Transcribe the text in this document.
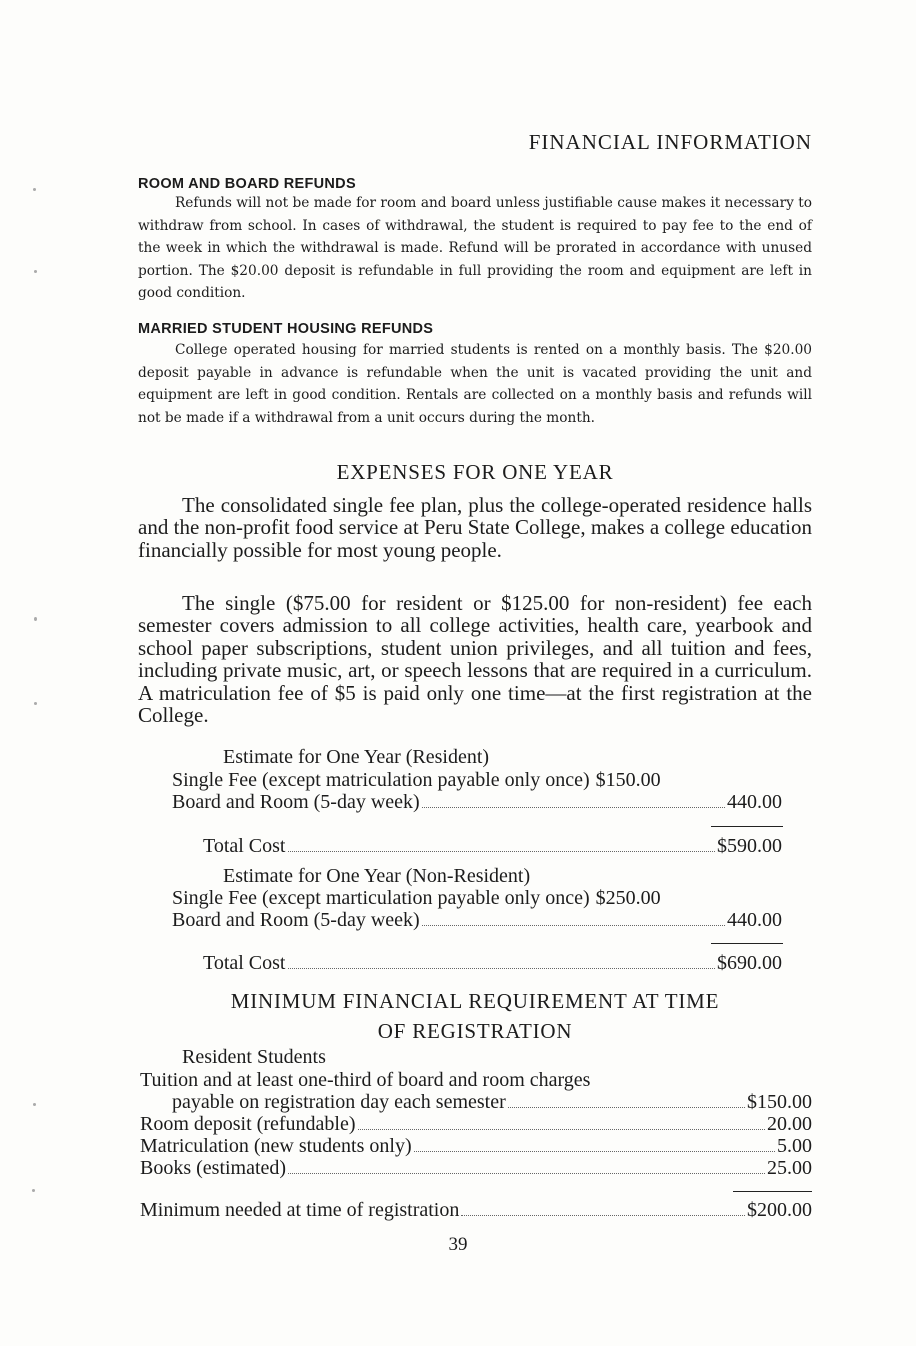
FINANCIAL INFORMATION
ROOM AND BOARD REFUNDS
Refunds will not be made for room and board unless justifiable cause makes it necessary to withdraw from school. In cases of withdrawal, the student is required to pay fee to the end of the week in which the withdrawal is made. Refund will be prorated in accordance with unused portion. The $20.00 deposit is refundable in full providing the room and equipment are left in good condition.
MARRIED STUDENT HOUSING REFUNDS
College operated housing for married students is rented on a monthly basis. The $20.00 deposit payable in advance is refundable when the unit is vacated providing the unit and equipment are left in good condition. Rentals are collected on a monthly basis and refunds will not be made if a withdrawal from a unit occurs during the month.
EXPENSES FOR ONE YEAR
The consolidated single fee plan, plus the college-operated residence halls and the non-profit food service at Peru State College, makes a college education financially possible for most young people.
The single ($75.00 for resident or $125.00 for non-resident) fee each semester covers admission to all college activities, health care, yearbook and school paper subscriptions, student union privileges, and all tuition and fees, including private music, art, or speech lessons that are required in a curriculum. A matriculation fee of $5 is paid only one time—at the first registration at the College.
Estimate for One Year (Resident)
Single Fee (except matriculation payable only once) $150.00
Board and Room (5-day week)	440.00
Total Cost	$590.00
Estimate for One Year (Non-Resident)
Single Fee (except marticulation payable only once) $250.00
Board and Room (5-day week)	440.00
Total Cost	$690.00
MINIMUM FINANCIAL REQUIREMENT AT TIME
OF REGISTRATION
Resident Students
Tuition and at least one-third of board and room charges
payable on registration day each semester	$150.00
Room deposit (refundable)	20.00
Matriculation (new students only)	5.00
Books (estimated)	25.00
Minimum needed at time of registration	$200.00
39
